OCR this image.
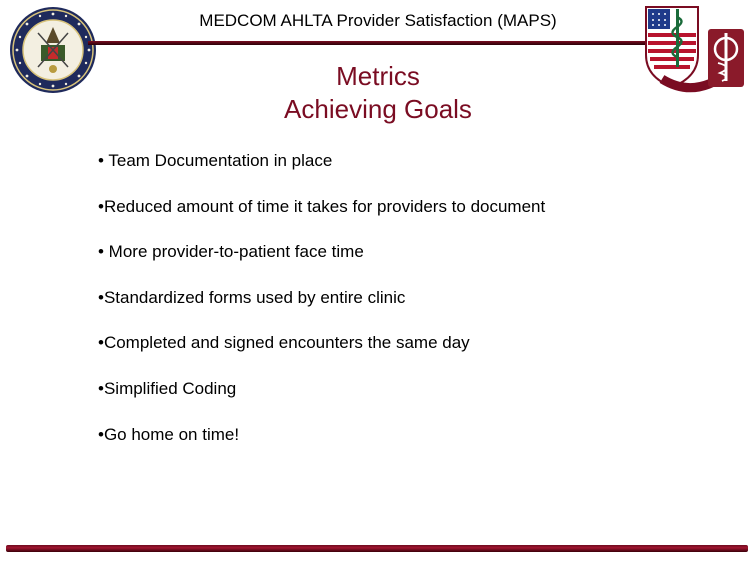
MEDCOM AHLTA Provider Satisfaction (MAPS)
Metrics
Achieving Goals
• Team Documentation in place
•Reduced amount of time it takes for providers to document
• More provider-to-patient face time
•Standardized forms used by entire clinic
•Completed and signed encounters the same day
•Simplified Coding
•Go home on time!
